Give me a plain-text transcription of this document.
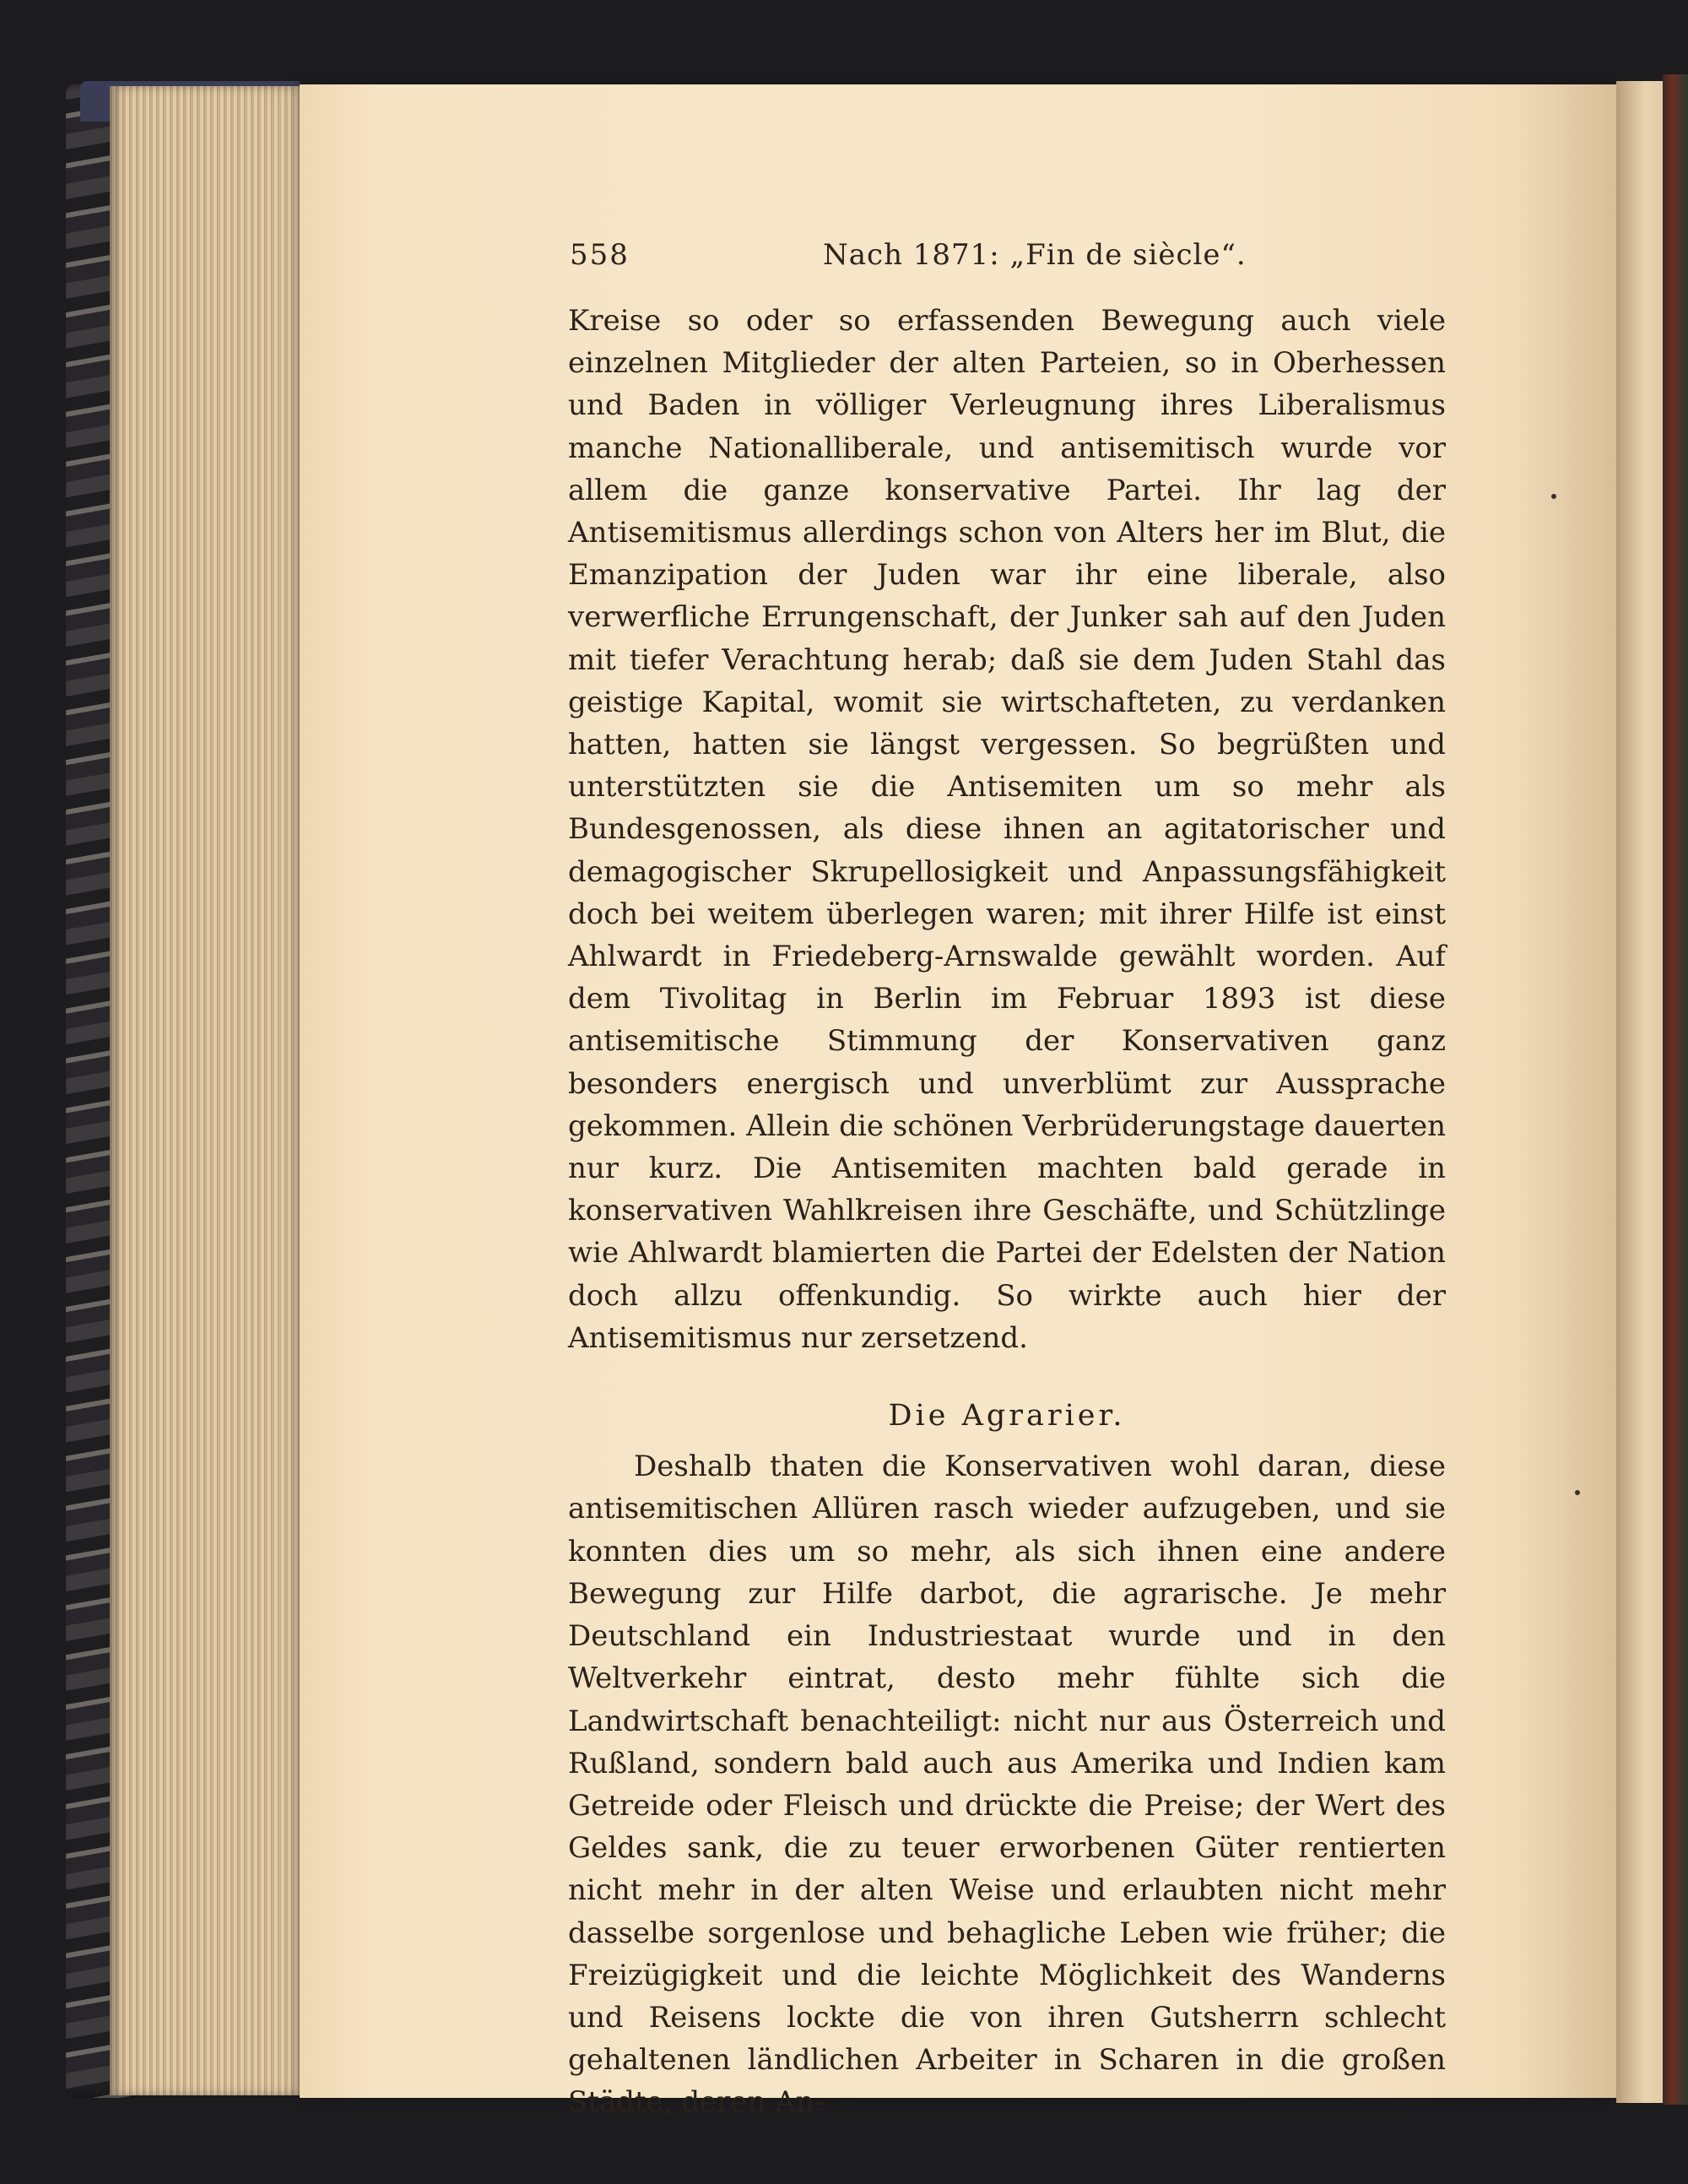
558	Nach 1871: „Fin de siècle“.

Kreise so oder so erfassenden Bewegung auch viele einzelnen Mitglieder der alten Parteien, so in Oberhessen und Baden in völliger Verleugnung ihres Liberalismus manche Nationalliberale, und antisemitisch wurde vor allem die ganze konservative Partei. Ihr lag der Antisemitismus allerdings schon von Alters her im Blut, die Emanzipation der Juden war ihr eine liberale, also verwerfliche Errungenschaft, der Junker sah auf den Juden mit tiefer Verachtung herab; daß sie dem Juden Stahl das geistige Kapital, womit sie wirtschafteten, zu verdanken hatten, hatten sie längst vergessen. So begrüßten und unterstützten sie die Antisemiten um so mehr als Bundesgenossen, als diese ihnen an agitatorischer und demagogischer Skrupellosigkeit und Anpassungsfähigkeit doch bei weitem überlegen waren; mit ihrer Hilfe ist einst Ahlwardt in Friedeberg-Arnswalde gewählt worden. Auf dem Tivolitag in Berlin im Februar 1893 ist diese antisemitische Stimmung der Konservativen ganz besonders energisch und unverblümt zur Aussprache gekommen. Allein die schönen Verbrüderungstage dauerten nur kurz. Die Antisemiten machten bald gerade in konservativen Wahlkreisen ihre Geschäfte, und Schützlinge wie Ahlwardt blamierten die Partei der Edelsten der Nation doch allzu offenkundig. So wirkte auch hier der Antisemitismus nur zersetzend.

Die Agrarier.

Deshalb thaten die Konservativen wohl daran, diese antisemitischen Allüren rasch wieder aufzugeben, und sie konnten dies um so mehr, als sich ihnen eine andere Bewegung zur Hilfe darbot, die agrarische. Je mehr Deutschland ein Industriestaat wurde und in den Weltverkehr eintrat, desto mehr fühlte sich die Landwirtschaft benachteiligt: nicht nur aus Österreich und Rußland, sondern bald auch aus Amerika und Indien kam Getreide oder Fleisch und drückte die Preise; der Wert des Geldes sank, die zu teuer erworbenen Güter rentierten nicht mehr in der alten Weise und erlaubten nicht mehr dasselbe sorgenlose und behagliche Leben wie früher; die Freizügigkeit und die leichte Möglichkeit des Wanderns und Reisens lockte die von ihren Gutsherrn schlecht gehaltenen ländlichen Arbeiter in Scharen in die großen Städte, deren An-
